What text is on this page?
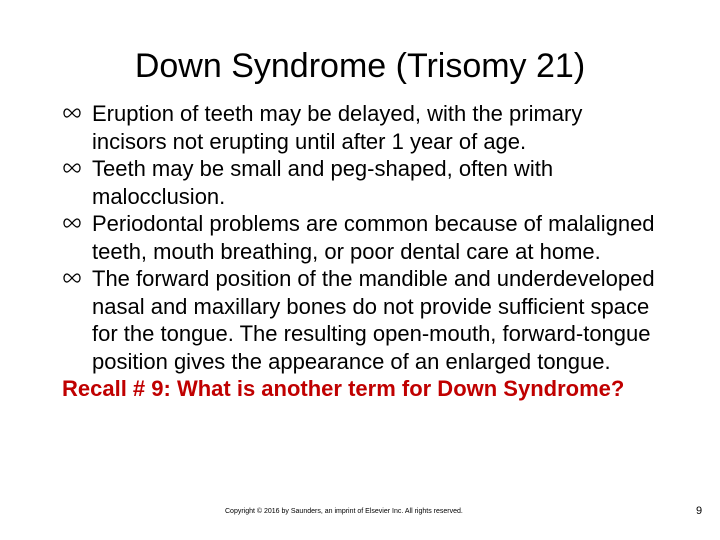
Down Syndrome (Trisomy 21)
Eruption of teeth may be delayed, with the primary incisors not erupting until after 1 year of age.
Teeth may be small and peg-shaped, often with malocclusion.
Periodontal problems are common because of malaligned teeth, mouth breathing, or poor dental care at home.
The forward position of the mandible and underdeveloped nasal and maxillary bones do not provide sufficient space for the tongue. The resulting open-mouth, forward-tongue position gives the appearance of an enlarged tongue.
Recall # 9: What is another term for Down Syndrome?
Copyright © 2016 by Saunders, an imprint of Elsevier Inc. All rights reserved.	9
